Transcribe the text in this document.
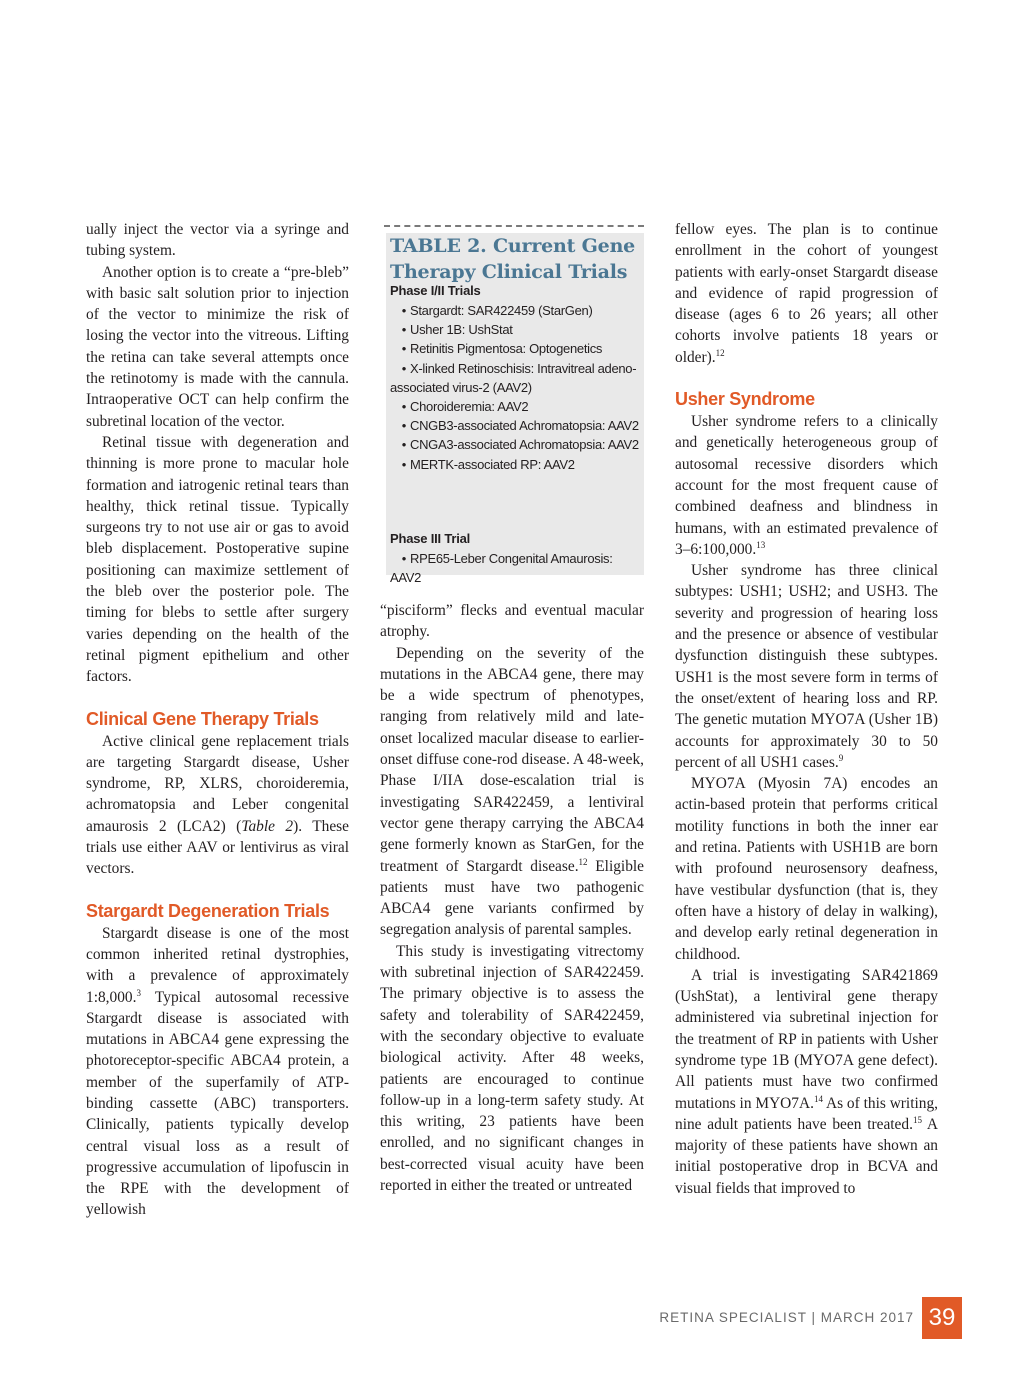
ually inject the vector via a syringe and tubing system.

Another option is to create a “pre-bleb” with basic salt solution prior to injection of the vector to minimize the risk of losing the vector into the vitreous. Lifting the retina can take several attempts once the retinotomy is made with the cannula. Intraoperative OCT can help confirm the subretinal location of the vector.

Retinal tissue with degeneration and thinning is more prone to macular hole formation and iatrogenic retinal tears than healthy, thick retinal tissue. Typically surgeons try to not use air or gas to avoid bleb displacement. Postoperative supine positioning can maximize settlement of the bleb over the posterior pole. The timing for blebs to settle after surgery varies depending on the health of the retinal pigment epithelium and other factors.

Clinical Gene Therapy Trials

Active clinical gene replacement trials are targeting Stargardt disease, Usher syndrome, RP, XLRS, choroideremia, achromatopsia and Leber congenital amaurosis 2 (LCA2) (Table 2). These trials use either AAV or lentivirus as viral vectors.

Stargardt Degeneration Trials

Stargardt disease is one of the most common inherited retinal dystrophies, with a prevalence of approximately 1:8,000.$^3$ Typical autosomal recessive Stargardt disease is associated with mutations in ABCA4 gene expressing the photoreceptor-specific ABCA4 protein, a member of the superfamily of ATP-binding cassette (ABC) transporters. Clinically, patients typically develop central visual loss as a result of progressive accumulation of lipofuscin in the RPE with the development of yellowish

TABLE 2. Current Gene Therapy Clinical Trials
Phase I/II Trials
• Stargardt: SAR422459 (StarGen)
• Usher 1B: UshStat
• Retinitis Pigmentosa: Optogenetics
• X-linked Retinoschisis: Intravitreal adeno-associated virus-2 (AAV2)
• Choroideremia: AAV2
• CNGB3-associated Achromatopsia: AAV2
• CNGA3-associated Achromatopsia: AAV2
• MERTK-associated RP: AAV2
Phase III Trial
• RPE65-Leber Congenital Amaurosis: AAV2

“pisciform” flecks and eventual macular atrophy.

Depending on the severity of the mutations in the ABCA4 gene, there may be a wide spectrum of phenotypes, ranging from relatively mild and late-onset localized macular disease to earlier-onset diffuse cone-rod disease. A 48-week, Phase I/IIA dose-escalation trial is investigating SAR422459, a lentiviral vector gene therapy carrying the ABCA4 gene formerly known as StarGen, for the treatment of Stargardt disease.$^{12}$ Eligible patients must have two pathogenic ABCA4 gene variants confirmed by segregation analysis of parental samples.

This study is investigating vitrectomy with subretinal injection of SAR422459. The primary objective is to assess the safety and tolerability of SAR422459, with the secondary objective to evaluate biological activity. After 48 weeks, patients are encouraged to continue follow-up in a long-term safety study. At this writing, 23 patients have been enrolled, and no significant changes in best-corrected visual acuity have been reported in either the treated or untreated

fellow eyes. The plan is to continue enrollment in the cohort of youngest patients with early-onset Stargardt disease and evidence of rapid progression of disease (ages 6 to 26 years; all other cohorts involve patients 18 years or older).$^{12}$

Usher Syndrome

Usher syndrome refers to a clinically and genetically heterogeneous group of autosomal recessive disorders which account for the most frequent cause of combined deafness and blindness in humans, with an estimated prevalence of 3–6:100,000.13

Usher syndrome has three clinical subtypes: USH1; USH2; and USH3. The severity and progression of hearing loss and the presence or absence of vestibular dysfunction distinguish these subtypes. USH1 is the most severe form in terms of the onset/extent of hearing loss and RP. The genetic mutation MYO7A (Usher 1B) accounts for approximately 30 to 50 percent of all USH1 cases.$^9$

MYO7A (Myosin 7A) encodes an actin-based protein that performs critical motility functions in both the inner ear and retina. Patients with USH1B are born with profound neurosensory deafness, have vestibular dysfunction (that is, they often have a history of delay in walking), and develop early retinal degeneration in childhood.

A trial is investigating SAR421869 (UshStat), a lentiviral gene therapy administered via subretinal injection for the treatment of RP in patients with Usher syndrome type 1B (MYO7A gene defect). All patients must have two confirmed mutations in MYO7A.$^{14}$ As of this writing, nine adult patients have been treated.$^{15}$ A majority of these patients have shown an initial postoperative drop in BCVA and visual fields that improved to

RETINA SPECIALIST | MARCH 2017 39
